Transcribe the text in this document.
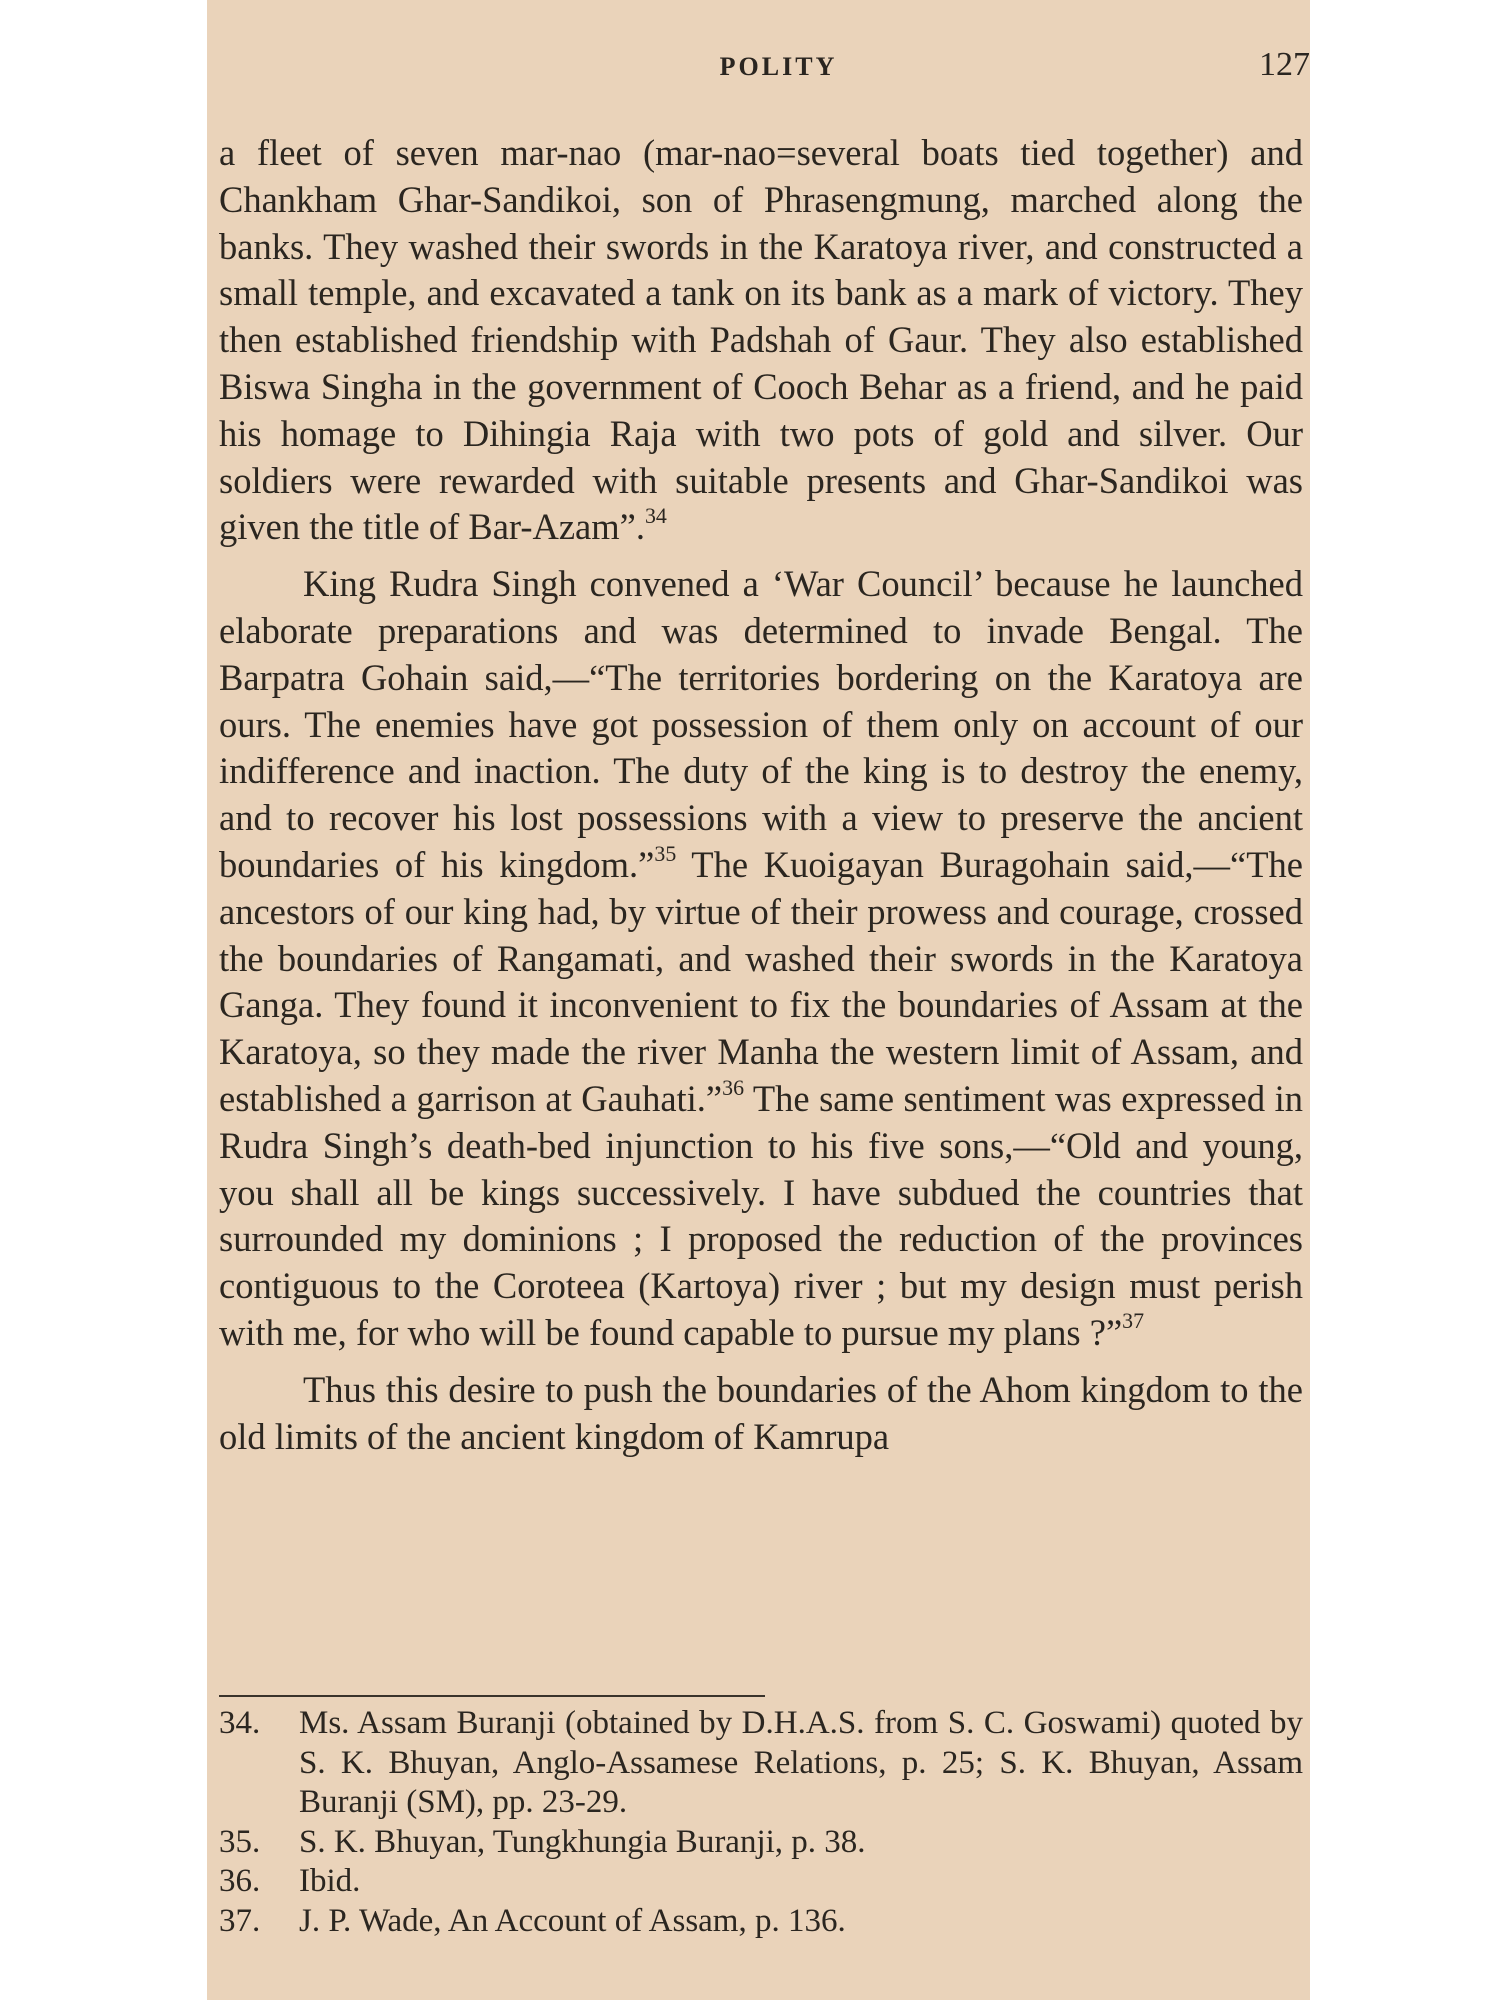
POLITY	127

a fleet of seven mar-nao (mar-nao=several boats tied together) and Chankham Ghar-Sandikoi, son of Phrasengmung, marched along the banks. They washed their swords in the Karatoya river, and constructed a small temple, and excavated a tank on its bank as a mark of victory. They then established friendship with Padshah of Gaur. They also established Biswa Singha in the government of Cooch Behar as a friend, and he paid his homage to Dihingia Raja with two pots of gold and silver. Our soldiers were rewarded with suitable presents and Ghar-Sandikoi was given the title of Bar-Azam”.$^{34}$

King Rudra Singh convened a ‘War Council’ because he launched elaborate preparations and was determined to invade Bengal. The Barpatra Gohain said,—“The territories bordering on the Karatoya are ours. The enemies have got possession of them only on account of our indifference and inaction. The duty of the king is to destroy the enemy, and to recover his lost possessions with a view to preserve the ancient boundaries of his kingdom.”$^{35}$ The Kuoigayan Buragohain said,—“The ancestors of our king had, by virtue of their prowess and courage, crossed the boundaries of Rangamati, and washed their swords in the Karatoya Ganga. They found it inconvenient to fix the boundaries of Assam at the Karatoya, so they made the river Manha the western limit of Assam, and established a garrison at Gauhati.”$^{36}$ The same sentiment was expressed in Rudra Singh’s death-bed injunction to his five sons,—“Old and young, you shall all be kings successively. I have subdued the countries that surrounded my dominions ; I proposed the reduction of the provinces contiguous to the Coroteea (Kartoya) river ; but my design must perish with me, for who will be found capable to pursue my plans ?”$^{37}$

Thus this desire to push the boundaries of the Ahom kingdom to the old limits of the ancient kingdom of Kamrupa

34.	Ms. Assam Buranji (obtained by D.H.A.S. from S. C. Goswami) quoted by S. K. Bhuyan, Anglo-Assamese Relations, p. 25; S. K. Bhuyan, Assam Buranji (SM), pp. 23-29.
35.	S. K. Bhuyan, Tungkhungia Buranji, p. 38.
36.	Ibid.
37.	J. P. Wade, An Account of Assam, p. 136.
